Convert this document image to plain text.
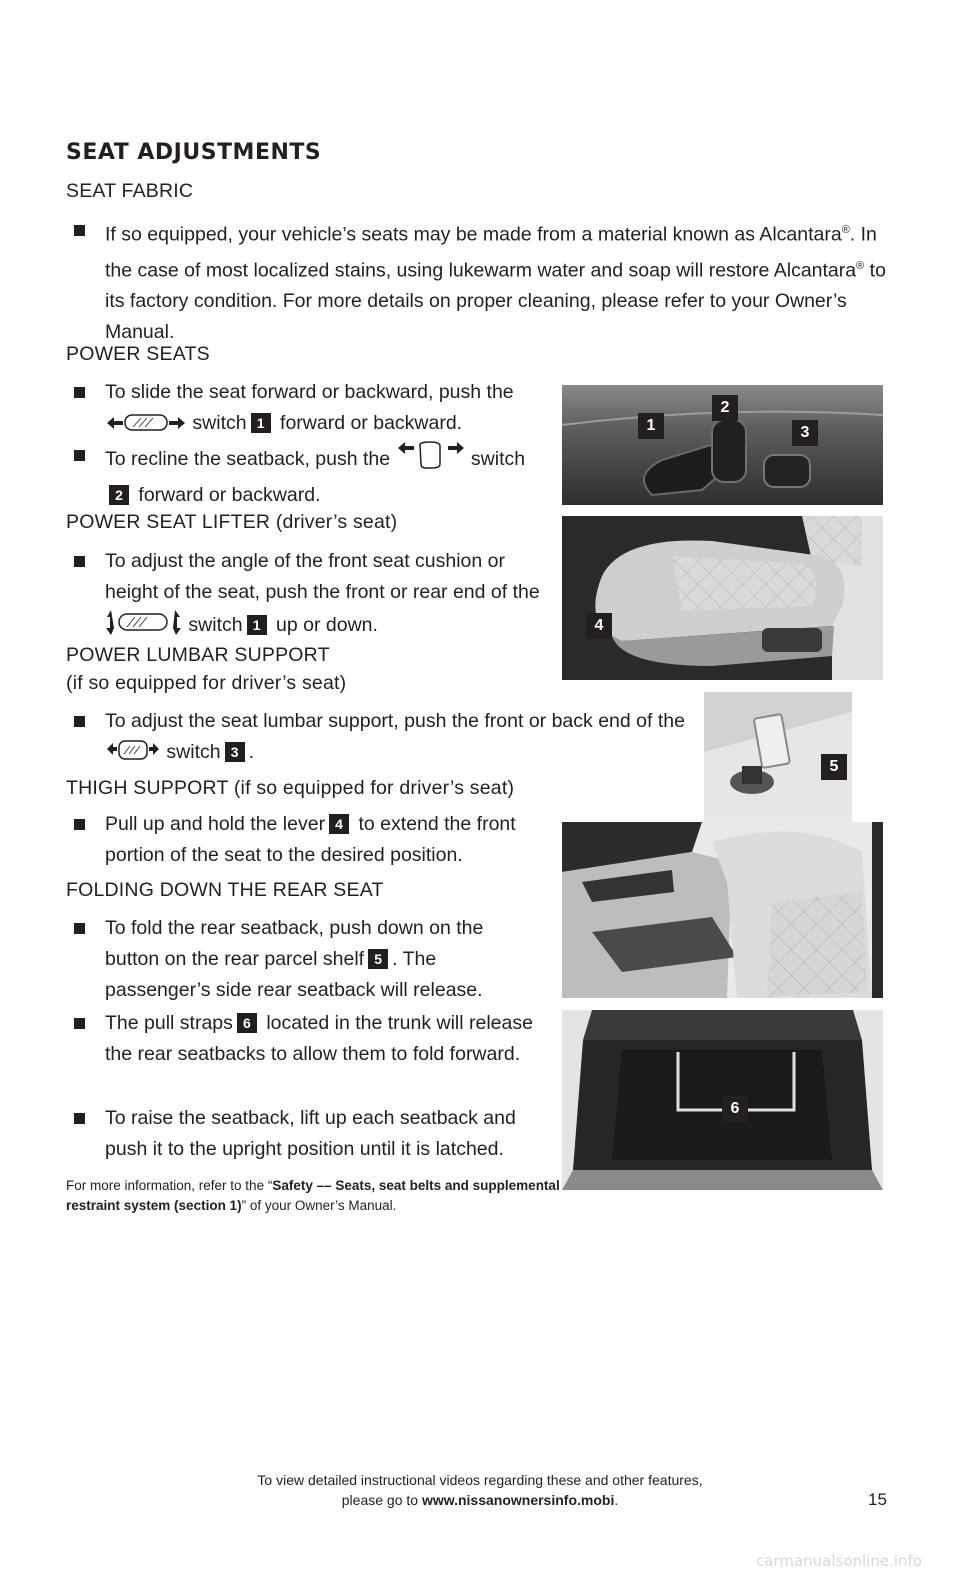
SEAT ADJUSTMENTS

SEAT FABRIC

If so equipped, your vehicle’s seats may be made from a material known as Alcantara®. In the case of most localized stains, using lukewarm water and soap will restore Alcantara® to its factory condition. For more details on proper cleaning, please refer to your Owner’s Manual.

POWER SEATS

To slide the seat forward or backward, push the  switch 1 forward or backward.
To recline the seatback, push the	switch
2 forward or backward.

POWER SEAT LIFTER (driver’s seat)

To adjust the angle of the front seat cushion or height of the seat, push the front or rear end of the  switch 1 up or down.

POWER LUMBAR SUPPORT

(if so equipped for driver’s seat)

To adjust the seat lumbar support, push the front or back end of the  switch 3 .

THIGH SUPPORT (if so equipped for driver’s seat)

Pull up and hold the lever 4 to extend the front portion of the seat to the desired position.

FOLDING DOWN THE REAR SEAT

To fold the rear seatback, push down on the button on the rear parcel shelf 5 . The passenger’s side rear seatback will release.
The pull straps 6 located in the trunk will release the rear seatbacks to allow them to fold forward.
To raise the seatback, lift up each seatback and push it to the upright position until it is latched.

For more information, refer to the “Safety –– Seats, seat belts and supplemental restraint system (section 1)” of your Owner’s Manual.

1
2
3
4
5
6
To view detailed instructional videos regarding these and other features,
please go to www.nissanownersinfo.mobi.	15
carmanualsonline.info
